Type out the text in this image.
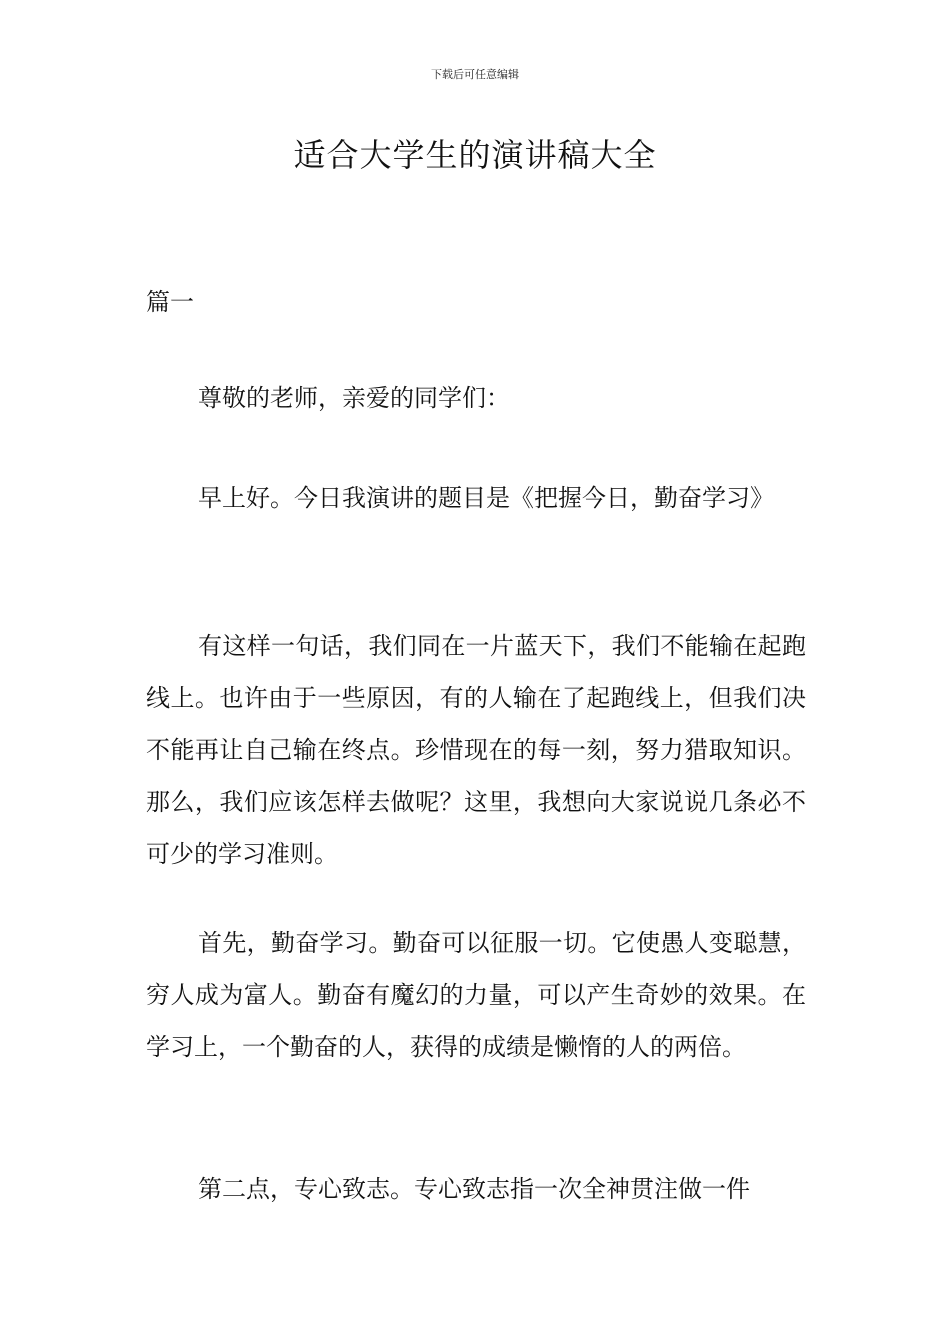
下载后可任意编辑
适合大学生的演讲稿大全
篇一
尊敬的老师，亲爱的同学们：
早上好。今日我演讲的题目是《把握今日，勤奋学习》
有这样一句话，我们同在一片蓝天下，我们不能输在起跑线上。也许由于一些原因，有的人输在了起跑线上，但我们决不能再让自己输在终点。珍惜现在的每一刻，努力猎取知识。那么，我们应该怎样去做呢？这里，我想向大家说说几条必不可少的学习准则。
首先，勤奋学习。勤奋可以征服一切。它使愚人变聪慧，穷人成为富人。勤奋有魔幻的力量，可以产生奇妙的效果。在学习上，一个勤奋的人，获得的成绩是懒惰的人的两倍。
第二点，专心致志。专心致志指一次全神贯注做一件
